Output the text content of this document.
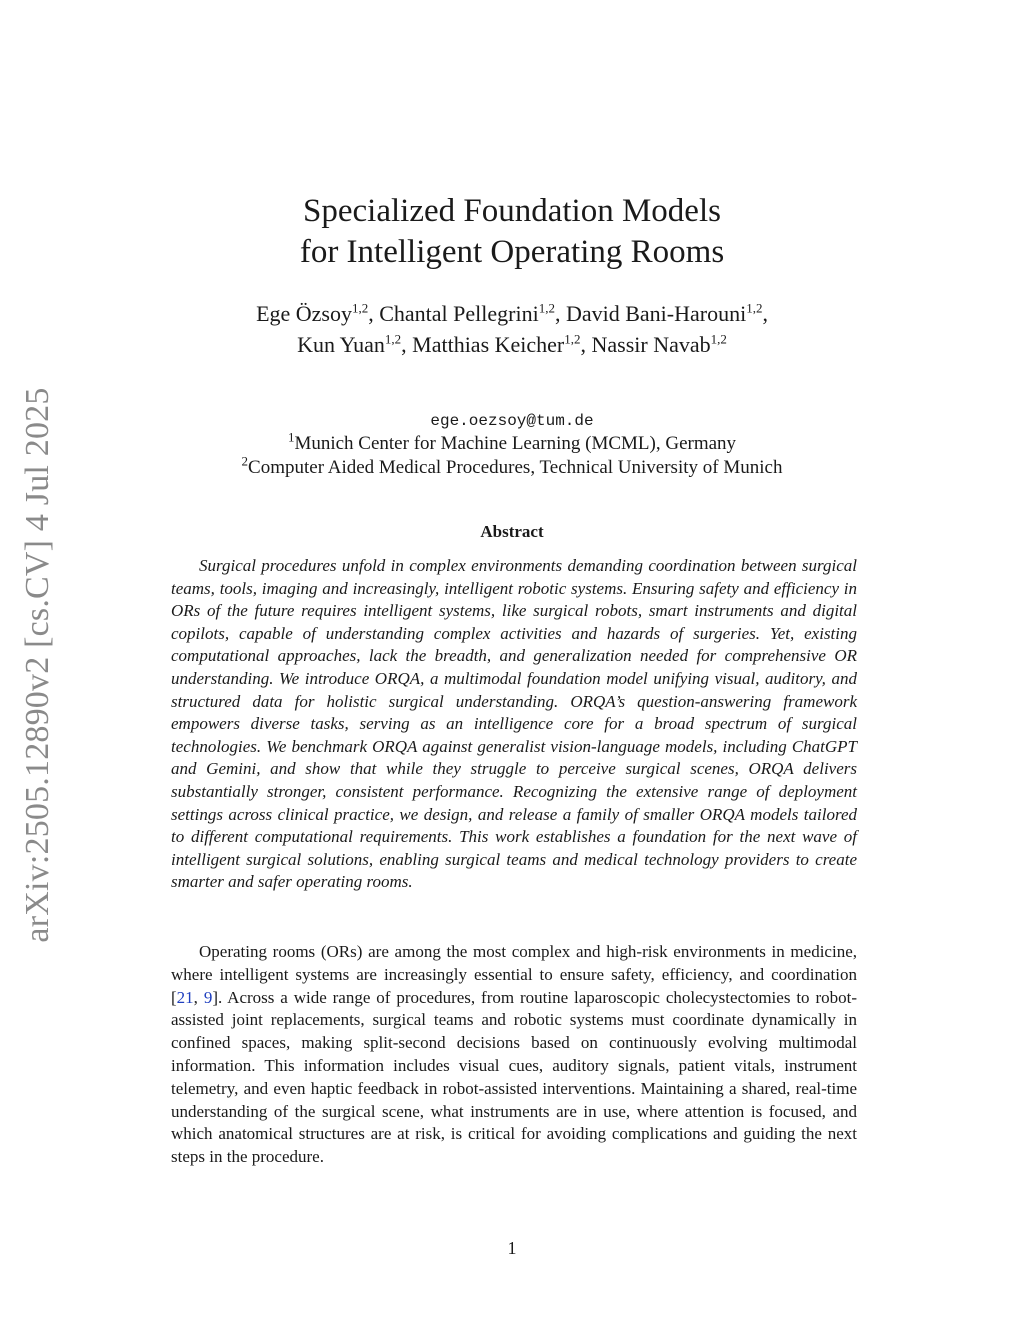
arXiv:2505.12890v2 [cs.CV] 4 Jul 2025
Specialized Foundation Models
for Intelligent Operating Rooms
Ege Özsoy$^{1,2}$, Chantal Pellegrini$^{1,2}$, David Bani-Harouni$^{1,2}$,
Kun Yuan$^{1,2}$, Matthias Keicher$^{1,2}$, Nassir Navab$^{1,2}$
ege.oezsoy@tum.de
$^1$Munich Center for Machine Learning (MCML), Germany
$^2$Computer Aided Medical Procedures, Technical University of Munich
Abstract

Surgical procedures unfold in complex environments demanding coordination between surgical teams, tools, imaging and increasingly, intelligent robotic systems. Ensuring safety and efficiency in ORs of the future requires intelligent systems, like surgical robots, smart instruments and digital copilots, capable of understanding complex activities and hazards of surgeries. Yet, existing computational approaches, lack the breadth, and generalization needed for comprehensive OR understanding. We introduce ORQA, a multimodal foundation model unifying visual, auditory, and structured data for holistic surgical understanding. ORQA’s question-answering framework empowers diverse tasks, serving as an intelligence core for a broad spectrum of surgical technologies. We benchmark ORQA against generalist vision-language models, including ChatGPT and Gemini, and show that while they struggle to perceive surgical scenes, ORQA delivers substantially stronger, consistent performance. Recognizing the extensive range of deployment settings across clinical practice, we design, and release a family of smaller ORQA models tailored to different computational requirements. This work establishes a foundation for the next wave of intelligent surgical solutions, enabling surgical teams and medical technology providers to create smarter and safer operating rooms.

Operating rooms (ORs) are among the most complex and high-risk environments in medicine, where intelligent systems are increasingly essential to ensure safety, efficiency, and coordination [21, 9]. Across a wide range of procedures, from routine laparoscopic cholecystectomies to robot-assisted joint replacements, surgical teams and robotic systems must coordinate dynamically in confined spaces, making split-second decisions based on continuously evolving multimodal information. This information includes visual cues, auditory signals, patient vitals, instrument telemetry, and even haptic feedback in robot-assisted interventions. Maintaining a shared, real-time understanding of the surgical scene, what instruments are in use, where attention is focused, and which anatomical structures are at risk, is critical for avoiding complications and guiding the next steps in the procedure.

1
